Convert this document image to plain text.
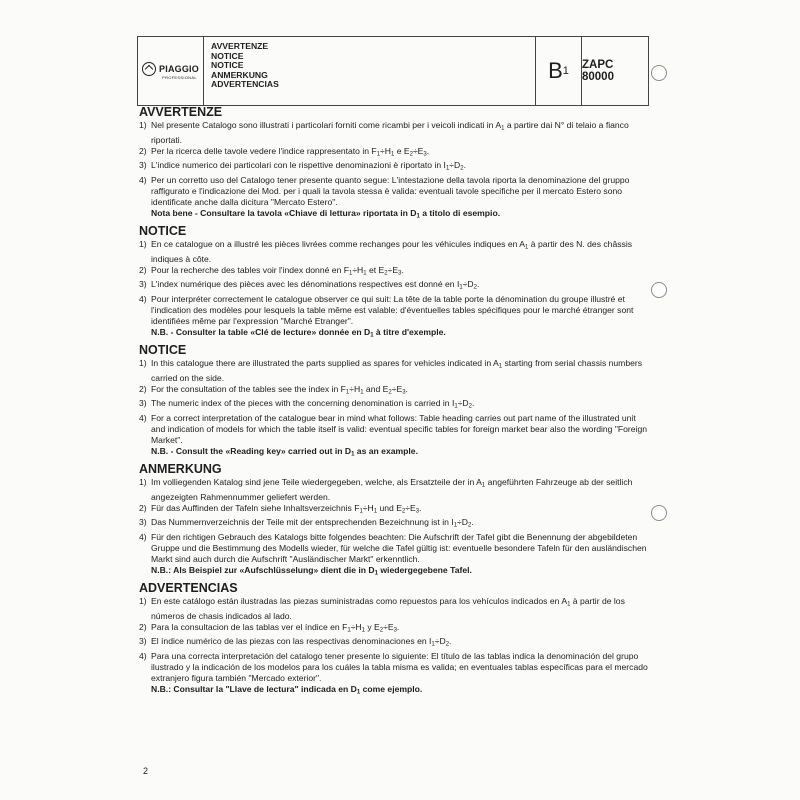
PIAGGIO
PROFESSIONAL
AVVERTENZE
NOTICE
NOTICE
ANMERKUNG
ADVERTENCIAS
B 1 ZAPC 80000
AVVERTENZE
1) Nel presente Catalogo sono illustrati i particolari forniti come ricambi per i veicoli indicati in $A_1$ a partire dai N° di telaio a fianco riportati.
2) Per la ricerca delle tavole vedere l'indice rappresentato in $F_1\div H_1$ e $E_2\div E_3$.
3) L'indice numerico dei particolari con le rispettive denominazioni è riportato in $I_1\div D_2$.
4) Per un corretto uso del Catalogo tener presente quanto segue: L'intestazione della tavola riporta la denominazione del gruppo raffigurato e l'indicazione dei Mod. per i quali la tavola stessa è valida: eventuali tavole specifiche per il mercato Estero sono identificate anche dalla dicitura "Mercato Estero".
Nota bene - Consultare la tavola «Chiave di lettura» riportata in $D_1$ a titolo di esempio.
NOTICE
1) En ce catalogue on a illustré les pièces livrées comme rechanges pour les véhicules indiques en $A_1$ à partir des N. des châssis indiques à côte.
2) Pour la recherche des tables voir l'index donné en $F_1\div H_1$ et $E_2\div E_3$.
3) L'index numérique des pièces avec les dénominations respectives est donné en $I_1\div D_2$.
4) Pour interpréter correctement le catalogue observer ce qui suit: La tête de la table porte la dénomination du groupe illustré et l'indication des modèles pour lesquels la table même est valable: d'éventuelles tables spécifiques pour le marché étranger sont identifiées même par l'expression "Marché Etranger".
N.B. - Consulter la table «Clé de lecture» donnée en $D_1$ à titre d'exemple.
NOTICE
1) In this catalogue there are illustrated the parts supplied as spares for vehicles indicated in $A_1$ starting from serial chassis numbers carried on the side.
2) For the consultation of the tables see the index in $F_1\div H_1$ and $E_2\div E_3$.
3) The numeric index of the pieces with the concerning denomination is carried in $I_1\div D_2$.
4) For a correct interpretation of the catalogue bear in mind what follows: Table heading carries out part name of the illustrated unit and indication of models for which the table itself is valid: eventual specific tables for foreign market bear also the wording "Foreign Market".
N.B. - Consult the «Reading key» carried out in $D_1$ as an example.
ANMERKUNG
1) Im volliegenden Katalog sind jene Teile wiedergegeben, welche, als Ersatzteile der in $A_1$ angeführten Fahrzeuge ab der seitlich angezeigten Rahmennummer geliefert werden.
2) Für das Auffinden der Tafeln siehe Inhaltsverzeichnis $F_1\div H_1$ und $E_2\div E_3$.
3) Das Nummernverzeichnis der Teile mit der entsprechenden Bezeichnung ist in $I_1\div D_2$.
4) Für den richtigen Gebrauch des Katalogs bitte folgendes beachten: Die Aufschrift der Tafel gibt die Benennung der abgebildeten Gruppe und die Bestimmung des Modells wieder, für welche die Tafel gültig ist: eventuelle besondere Tafeln für den ausländischen Markt sind auch durch die Aufschrift "Ausländischer Markt" erkenntlich.
N.B.: Als Beispiel zur «Aufschlüsselung» dient die in $D_1$ wiedergegebene Tafel.
ADVERTENCIAS
1) En este catálogo están ilustradas las piezas suministradas como repuestos para los vehículos indicados en $A_1$ à partir de los números de chasis indicados al lado.
2) Para la consultacion de las tablas ver el índice en $F_1\div H_1$ y $E_2\div E_3$.
3) El índice numérico de las piezas con las respectivas denominaciones en $I_1\div D_2$.
4) Para una correcta interpretación del catalogo tener presente lo siguiente: El título de las tablas indica la denominación del grupo ilustrado y la indicación de los modelos para los cuáles la tabla misma es valida; en eventuales tablas específicas para el mercado extranjero figura también "Mercado exterior".
N.B.: Consultar la "Llave de lectura" indicada en $D_1$ come ejemplo.
2
